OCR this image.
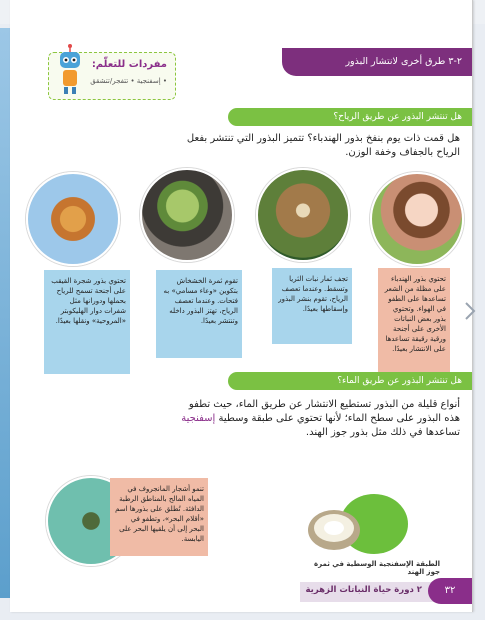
٢-٣ طرق أخرى لانتشار البذور
مفردات للتعلّم:
• إسفنجية • تتفجر/تتشقق
هل تنتشر البذور عن طريق الرياح؟
هل قمت ذات يوم بنفخ بذور الهندباء؟ تتميز البذور التي تنتشر بفعل الرياح بالجفاف وخفة الوزن.
تحتوي بذور الهندباء على مظلة من الشعر تساعدها على الطفو في الهواء. وتحتوي بذور بعض النباتات الأخرى على أجنحة ورقية رقيقة تساعدها على الانتشار بعيدًا.
تجف ثمار نبات الثريا وتسقط. وعندما تعصف الرياح، تقوم بنشر البذور وإسقاطها بعيدًا.
تقوم ثمرة الخشخاش بتكوين «وعاء مسامي» به فتحات. وعندما تعصف الرياح، تهتز البذور داخله وتنتشر بعيدًا.
تحتوي بذور شجرة القيقب على أجنحة تسمح للرياح بحملها ودورانها مثل شفرات دوار الهليكوبتر «المروحية» ونقلها بعيدًا.
هل تنتشر البذور عن طريق الماء؟
أنواع قليلة من البذور تستطيع الانتشار عن طريق الماء، حيث تطفو هذه البذور على سطح الماء؛ لأنها تحتوي على طبقة وسطية إسفنجية تساعدها في ذلك مثل بذور جوز الهند.
تنمو أشجار المانجروف في المياه المالح بالمناطق الرطبة الدافئة. تُطلق على بذورها اسم «أقلام البحر»، وتطفو في البحر إلى أن يلقيها البحر على اليابسة.
الطبقة الإسفنجية الوسطية في ثمرة جوز الهند
٢ دورة حياة النباتات الزهرية	٣٢
